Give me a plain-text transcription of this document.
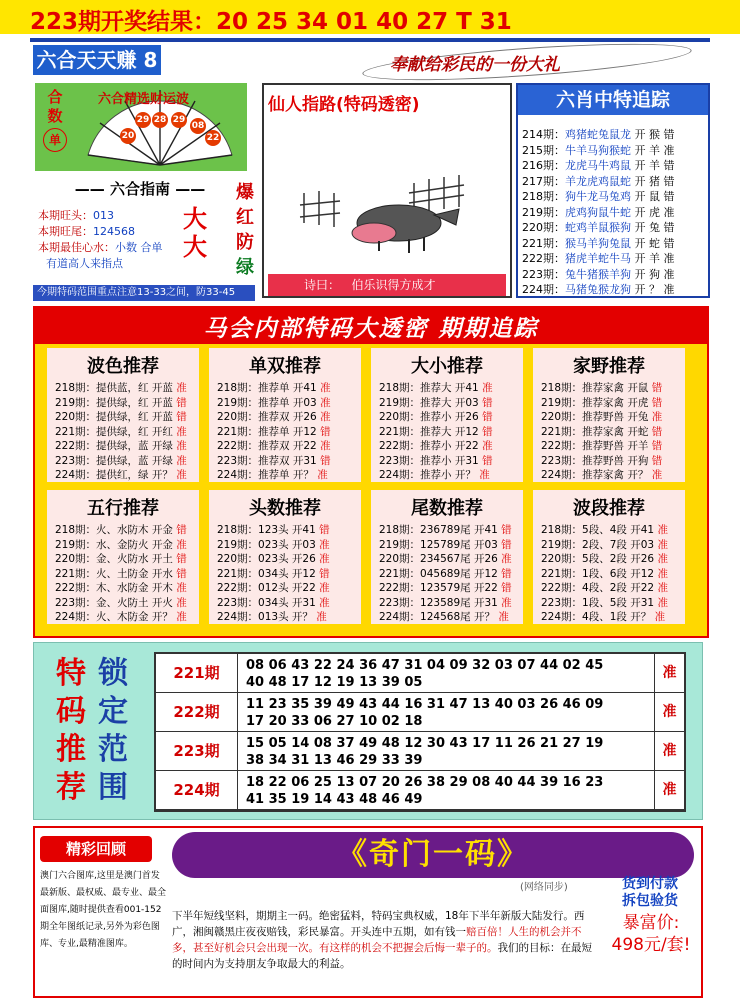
223期开奖结果：20 25 34 01 40 27 T 31
六合天天赚 8	奉献给彩民的一份大礼
合
数
单
六合精选财运波
20
29 28 29
08
22
—— 六合指南 ——
本期旺头：013
本期旺尾：124568
本期最佳心水：小数 合单
有道高人来指点
大
大
爆
红
防
绿
今期特码范围重点注意13-33之间，防33-45
仙人指路(特码透密)
诗曰： 伯乐识得方成才
六肖中特追踪
214期：鸡猪蛇兔鼠龙 开 猴 错
215期：牛羊马狗猴蛇 开 羊 准
216期：龙虎马牛鸡鼠 开 羊 错
217期：羊龙虎鸡鼠蛇 开 猪 错
218期：狗牛龙马兔鸡 开 鼠 错
219期：虎鸡狗鼠牛蛇 开 虎 准
220期：蛇鸡羊鼠猴狗 开 兔 错
221期：猴马羊狗兔鼠 开 蛇 错
222期：猪虎羊蛇牛马 开 羊 准
223期：兔牛猪猴羊狗 开 狗 准
224期：马猪兔猴龙狗 开 ？ 准
马会内部特码大透密 期期追踪
波色推荐
218期：提供蓝，红 开蓝 准
219期：提供绿，红 开蓝 错
220期：提供绿，红 开蓝 错
221期：提供绿，红 开红 准
222期：提供绿，蓝 开绿 准
223期：提供绿，蓝 开绿 准
224期：提供红，绿 开？ 准
单双推荐
218期：推荐单 开41 准
219期：推荐单 开03 准
220期：推荐双 开26 准
221期：推荐单 开12 错
222期：推荐双 开22 准
223期：推荐双 开31 错
224期：推荐单 开？ 准
大小推荐
218期：推荐大 开41 准
219期：推荐大 开03 错
220期：推荐小 开26 错
221期：推荐大 开12 错
222期：推荐小 开22 准
223期：推荐小 开31 错
224期：推荐小 开？ 准
家野推荐
218期：推荐家禽 开鼠 错
219期：推荐家禽 开虎 错
220期：推荐野兽 开兔 准
221期：推荐家禽 开蛇 错
222期：推荐野兽 开羊 错
223期：推荐野兽 开狗 错
224期：推荐家禽 开？ 准
五行推荐
218期：火、水防木 开金 错
219期：水、金防火 开金 准
220期：金、火防水 开土 错
221期：火、土防金 开水 错
222期：木、水防金 开木 准
223期：金、火防土 开火 准
224期：火、木防金 开？ 准
头数推荐
218期：123头 开41 错
219期：023头 开03 准
220期：023头 开26 准
221期：034头 开12 错
222期：012头 开22 准
223期：034头 开31 准
224期：013头 开？ 准
尾数推荐
218期：236789尾 开41 错
219期：125789尾 开03 错
220期：234567尾 开26 准
221期：045689尾 开12 错
222期：123579尾 开22 错
223期：123589尾 开31 准
224期：124568尾 开？ 准
波段推荐
218期：5段、4段 开41 准
219期：2段、7段 开03 准
220期：5段、2段 开26 准
221期：1段、6段 开12 准
222期：4段、2段 开22 准
223期：1段、5段 开31 准
224期：4段、1段 开？ 准
特
码
推
荐
锁
定
范
围
221期	08 06 43 22 24 36 47 31 04 09 32 03 07 44 02 45
40 48 17 12 19 13 39 05
准
222期	11 23 35 39 49 43 44 16 31 47 13 40 03 26 46 09
17 20 33 06 27 10 02 18
准
223期	15 05 14 08 37 49 48 12 30 43 17 11 26 21 27 19
38 34 31 13 46 29 33 39
准
224期	18 22 06 25 13 07 20 26 38 29 08 40 44 39 16 23
41 35 19 14 43 48 46 49
准
精彩回顾
澳门六合图库,这里是澳门首发最新版、最权威、最专业、最全面图库,随时提供查看001-152期全年图纸记录,另外为彩色图库、专业,最精准图库。
《奇门一码》
(网络同步)
下半年短线坚料，期期主一码。绝密猛料，特码宝典权威，18年下半年新版大陆发行。西广，湘闽赣黑庄夜夜赔钱，彩民暴富。开头连中五期，如有钱一赔百倍！人生的机会并不多，甚至好机会只会出现一次。有这样的机会不把握会后悔一辈子的。我们的目标：在最短的时间内为支持朋友争取最大的利益。
货到付款
拆包验货
暴富价:
498元/套!
